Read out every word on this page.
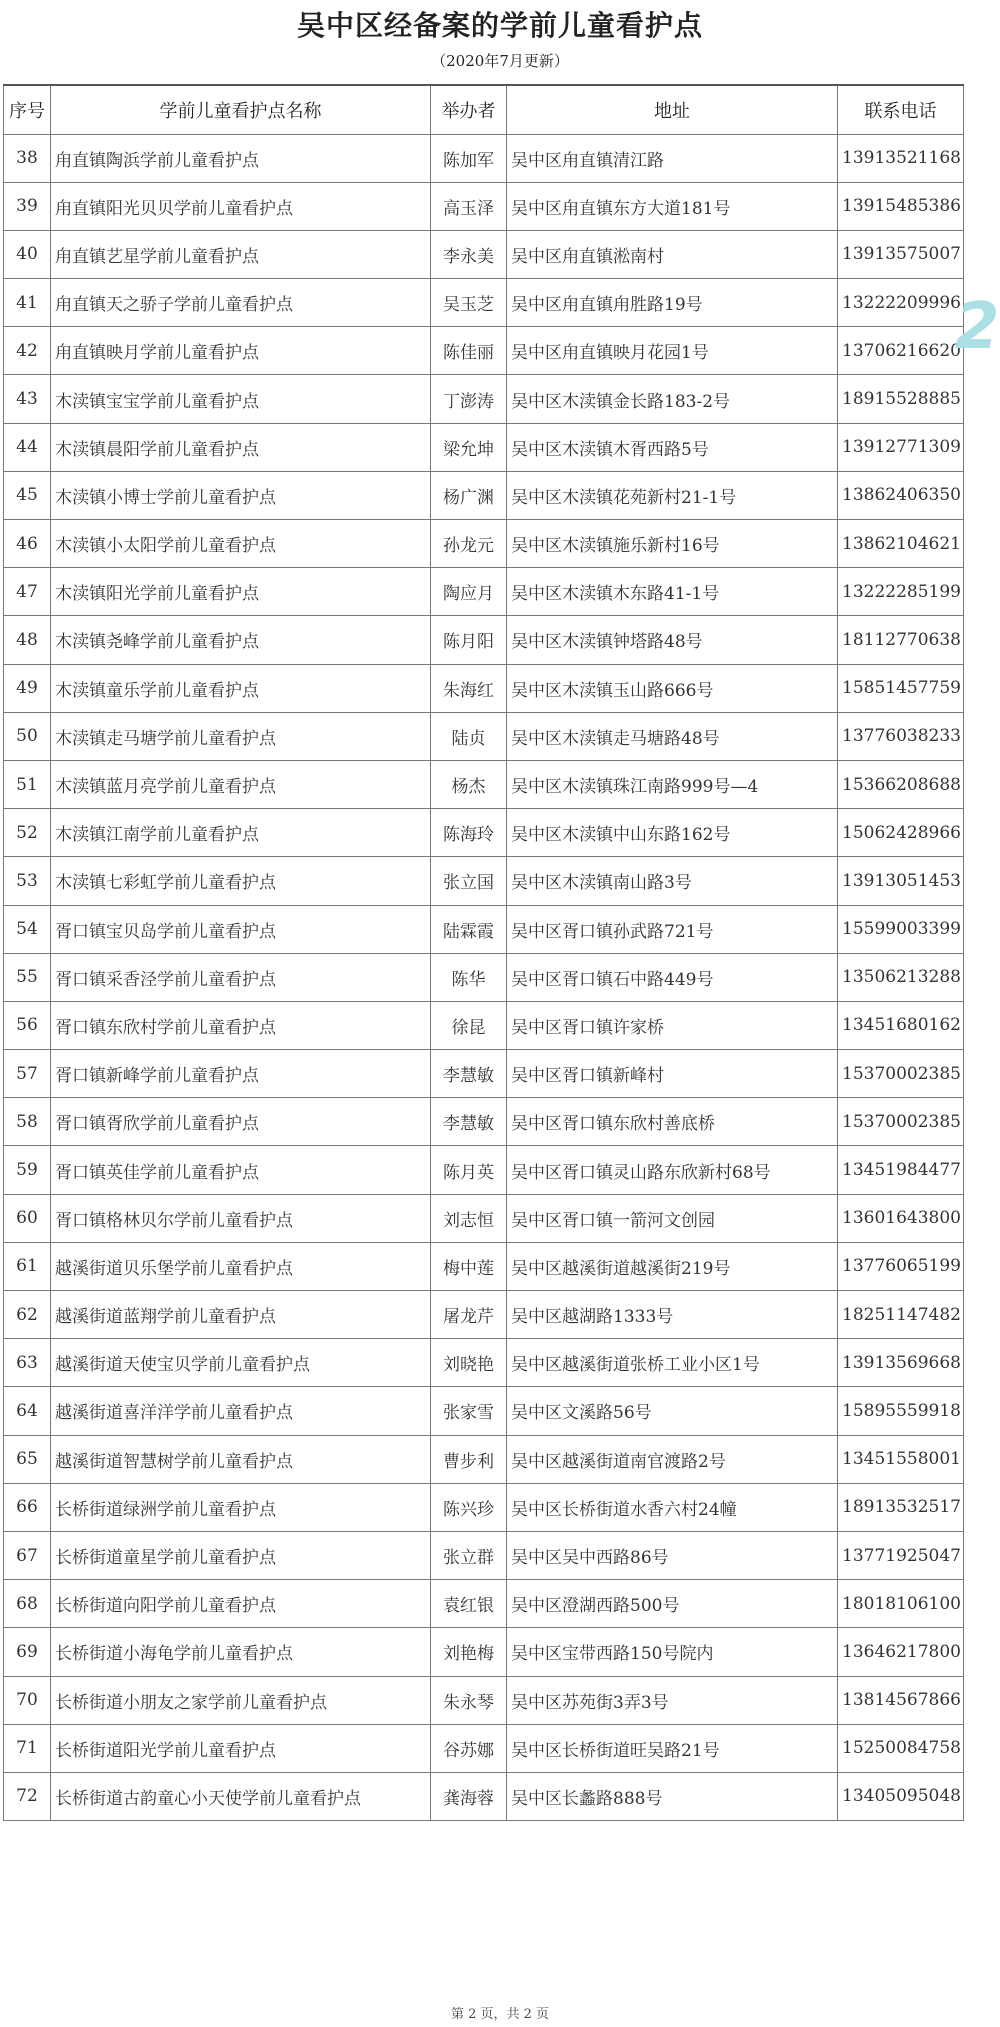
吴中区经备案的学前儿童看护点
（2020年7月更新）
序号	学前儿童看护点名称	举办者	地址	联系电话
38	甪直镇陶浜学前儿童看护点	陈加军	吴中区甪直镇清江路	13913521168
39	甪直镇阳光贝贝学前儿童看护点	高玉泽	吴中区甪直镇东方大道181号	13915485386
40	甪直镇艺星学前儿童看护点	李永美	吴中区甪直镇淞南村	13913575007
41	甪直镇天之骄子学前儿童看护点	吴玉芝	吴中区甪直镇甪胜路19号	13222209996
42	甪直镇映月学前儿童看护点	陈佳丽	吴中区甪直镇映月花园1号	13706216620
43	木渎镇宝宝学前儿童看护点	丁澎涛	吴中区木渎镇金长路183-2号	18915528885
44	木渎镇晨阳学前儿童看护点	梁允坤	吴中区木渎镇木胥西路5号	13912771309
45	木渎镇小博士学前儿童看护点	杨广渊	吴中区木渎镇花苑新村21-1号	13862406350
46	木渎镇小太阳学前儿童看护点	孙龙元	吴中区木渎镇施乐新村16号	13862104621
47	木渎镇阳光学前儿童看护点	陶应月	吴中区木渎镇木东路41-1号	13222285199
48	木渎镇尧峰学前儿童看护点	陈月阳	吴中区木渎镇钟塔路48号	18112770638
49	木渎镇童乐学前儿童看护点	朱海红	吴中区木渎镇玉山路666号	15851457759
50	木渎镇走马塘学前儿童看护点	陆贞	吴中区木渎镇走马塘路48号	13776038233
51	木渎镇蓝月亮学前儿童看护点	杨杰	吴中区木渎镇珠江南路999号—4	15366208688
52	木渎镇江南学前儿童看护点	陈海玲	吴中区木渎镇中山东路162号	15062428966
53	木渎镇七彩虹学前儿童看护点	张立国	吴中区木渎镇南山路3号	13913051453
54	胥口镇宝贝岛学前儿童看护点	陆霖霞	吴中区胥口镇孙武路721号	15599003399
55	胥口镇采香泾学前儿童看护点	陈华	吴中区胥口镇石中路449号	13506213288
56	胥口镇东欣村学前儿童看护点	徐昆	吴中区胥口镇许家桥	13451680162
57	胥口镇新峰学前儿童看护点	李慧敏	吴中区胥口镇新峰村	15370002385
58	胥口镇胥欣学前儿童看护点	李慧敏	吴中区胥口镇东欣村善底桥	15370002385
59	胥口镇英佳学前儿童看护点	陈月英	吴中区胥口镇灵山路东欣新村68号	13451984477
60	胥口镇格林贝尔学前儿童看护点	刘志恒	吴中区胥口镇一箭河文创园	13601643800
61	越溪街道贝乐堡学前儿童看护点	梅中莲	吴中区越溪街道越溪街219号	13776065199
62	越溪街道蓝翔学前儿童看护点	屠龙芹	吴中区越湖路1333号	18251147482
63	越溪街道天使宝贝学前儿童看护点	刘晓艳	吴中区越溪街道张桥工业小区1号	13913569668
64	越溪街道喜洋洋学前儿童看护点	张家雪	吴中区文溪路56号	15895559918
65	越溪街道智慧树学前儿童看护点	曹步利	吴中区越溪街道南官渡路2号	13451558001
66	长桥街道绿洲学前儿童看护点	陈兴珍	吴中区长桥街道水香六村24幢	18913532517
67	长桥街道童星学前儿童看护点	张立群	吴中区吴中西路86号	13771925047
68	长桥街道向阳学前儿童看护点	袁红银	吴中区澄湖西路500号	18018106100
69	长桥街道小海龟学前儿童看护点	刘艳梅	吴中区宝带西路150号院内	13646217800
70	长桥街道小朋友之家学前儿童看护点	朱永琴	吴中区苏苑街3弄3号	13814567866
71	长桥街道阳光学前儿童看护点	谷苏娜	吴中区长桥街道旺吴路21号	15250084758
72	长桥街道古韵童心小天使学前儿童看护点	龚海蓉	吴中区长蠡路888号	13405095048
2
第 2 页，共 2 页
